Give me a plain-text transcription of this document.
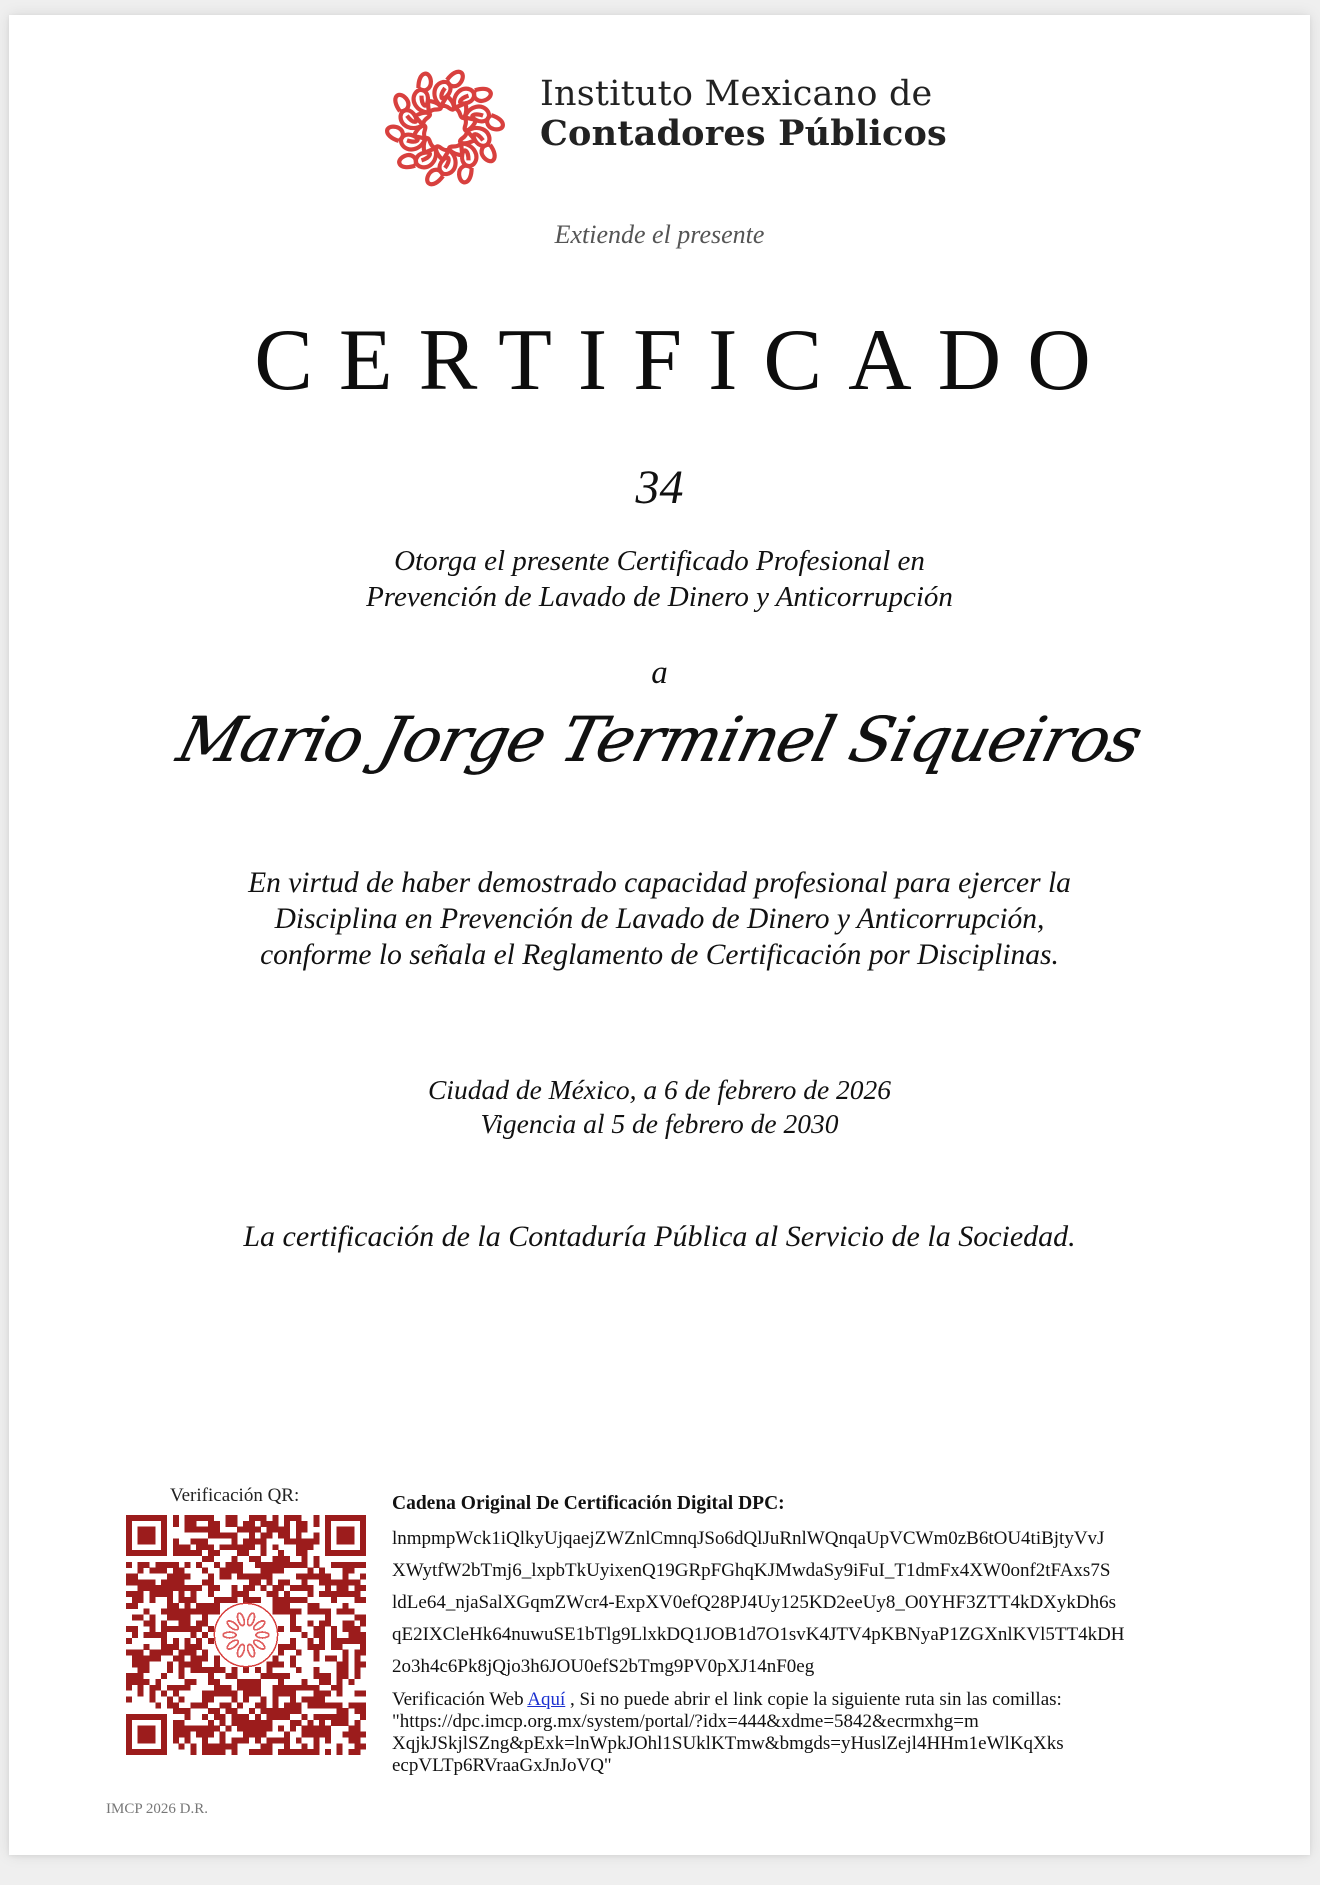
Instituto Mexicano de
Contadores Públicos
Extiende el presente
CERTIFICADO
34
Otorga el presente Certificado Profesional en
Prevención de Lavado de Dinero y Anticorrupción
a
Mario Jorge Terminel Siqueiros
En virtud de haber demostrado capacidad profesional para ejercer la
Disciplina en Prevención de Lavado de Dinero y Anticorrupción,
conforme lo señala el Reglamento de Certificación por Disciplinas.
Ciudad de México, a 6 de febrero de 2026
Vigencia al 5 de febrero de 2030
La certificación de la Contaduría Pública al Servicio de la Sociedad.
Verificación QR:	Cadena Original De Certificación Digital DPC:
lnmpmpWck1iQlkyUjqaejZWZnlCmnqJSo6dQlJuRnlWQnqaUpVCWm0zB6tOU4tiBjtyVvJ
XWytfW2bTmj6_lxpbTkUyixenQ19GRpFGhqKJMwdaSy9iFuI_T1dmFx4XW0onf2tFAxs7S
ldLe64_njaSalXGqmZWcr4-ExpXV0efQ28PJ4Uy125KD2eeUy8_O0YHF3ZTT4kDXykDh6s
qE2IXCleHk64nuwuSE1bTlg9LlxkDQ1JOB1d7O1svK4JTV4pKBNyaP1ZGXnlKVl5TT4kDH
2o3h4c6Pk8jQjo3h6JOU0efS2bTmg9PV0pXJ14nF0eg
Verificación Web Aquí , Si no puede abrir el link copie la siguiente ruta sin las comillas:
"https://dpc.imcp.org.mx/system/portal/?idx=444&xdme=5842&ecrmxhg=m
XqjkJSkjlSZng&pExk=lnWpkJOhl1SUklKTmw&bmgds=yHuslZejl4HHm1eWlKqXks
ecpVLTp6RVraaGxJnJoVQ"
IMCP 2026 D.R.
